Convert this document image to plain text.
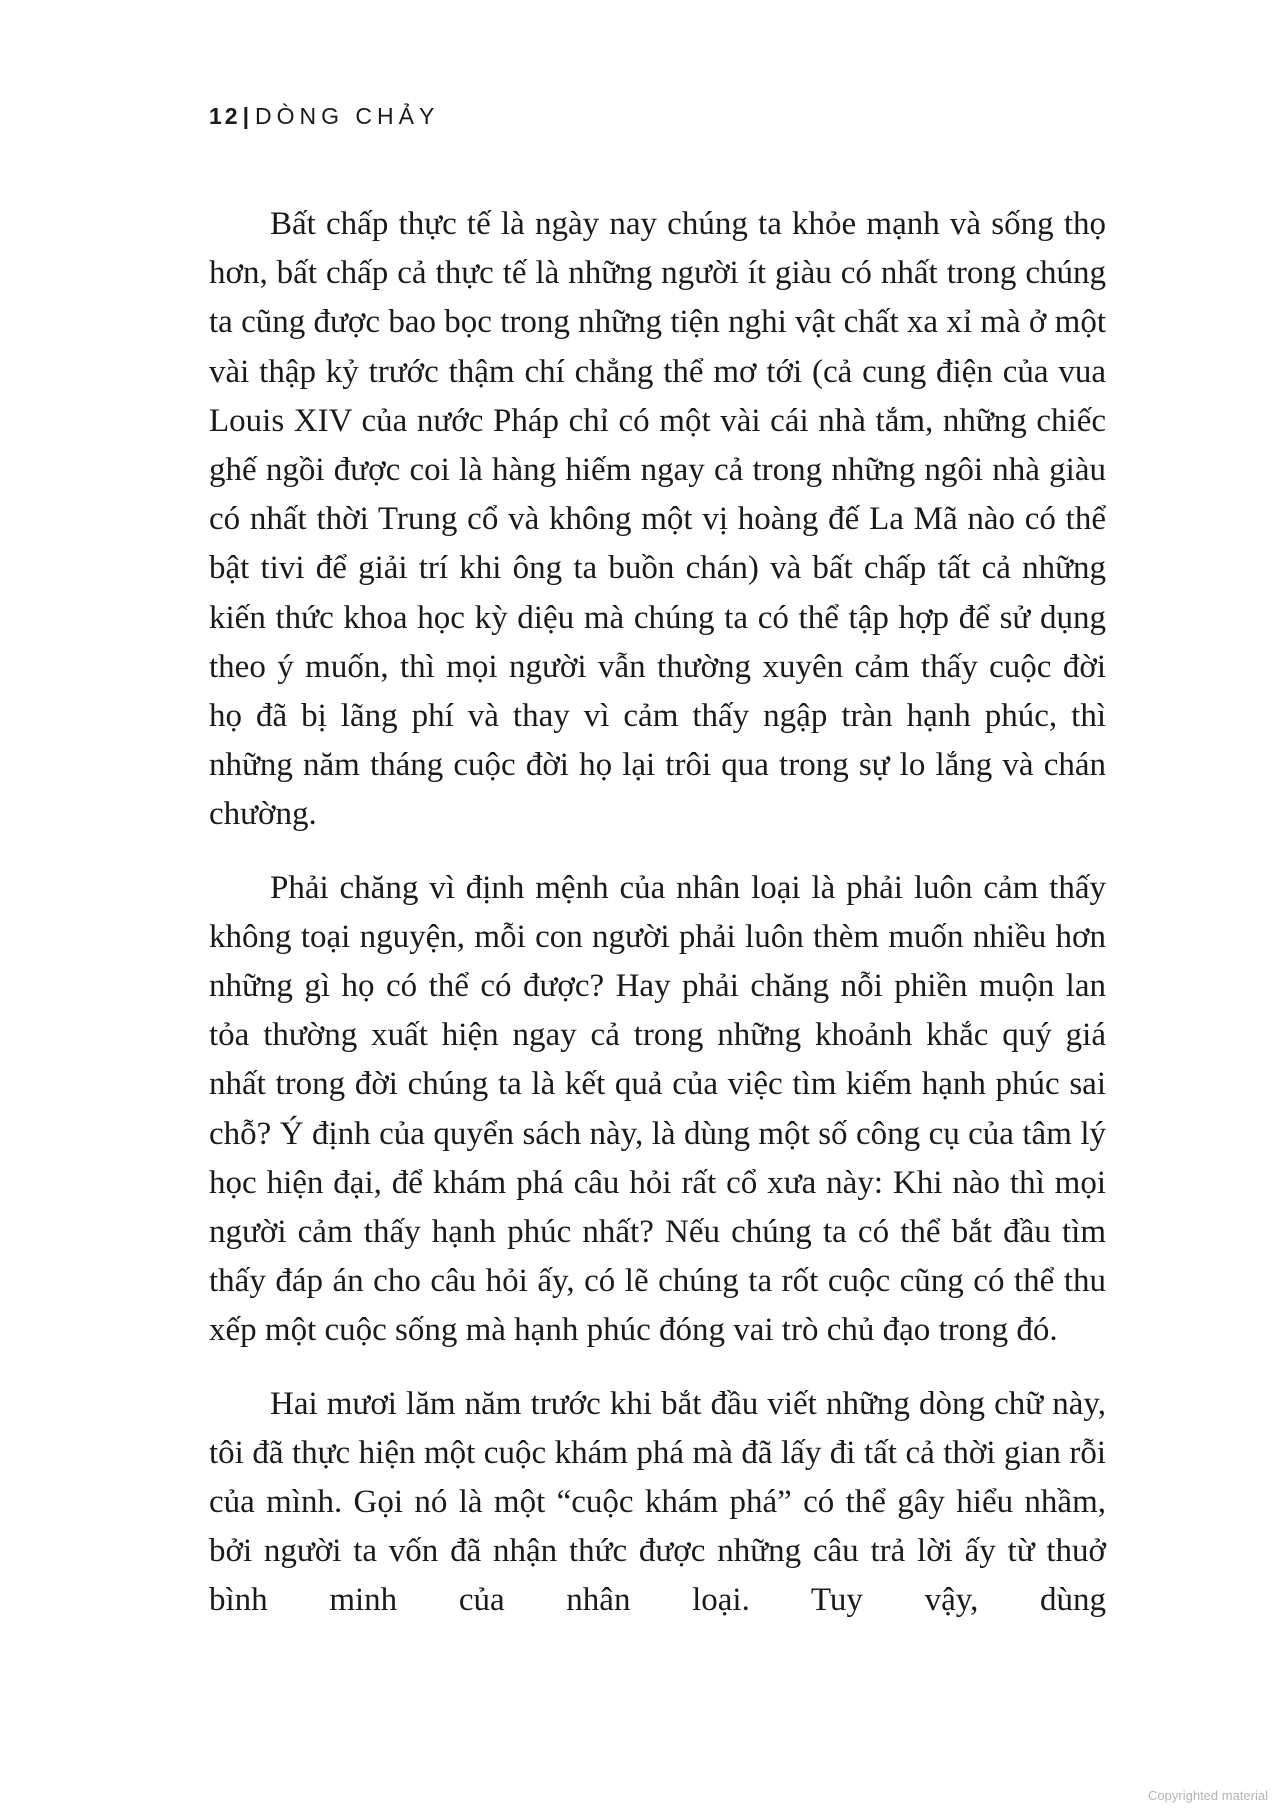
12| DÒNG CHẢY

Bất chấp thực tế là ngày nay chúng ta khỏe mạnh và sống thọ hơn, bất chấp cả thực tế là những người ít giàu có nhất trong chúng ta cũng được bao bọc trong những tiện nghi vật chất xa xỉ mà ở một vài thập kỷ trước thậm chí chẳng thể mơ tới (cả cung điện của vua Louis XIV của nước Pháp chỉ có một vài cái nhà tắm, những chiếc ghế ngồi được coi là hàng hiếm ngay cả trong những ngôi nhà giàu có nhất thời Trung cổ và không một vị hoàng đế La Mã nào có thể bật tivi để giải trí khi ông ta buồn chán) và bất chấp tất cả những kiến thức khoa học kỳ diệu mà chúng ta có thể tập hợp để sử dụng theo ý muốn, thì mọi người vẫn thường xuyên cảm thấy cuộc đời họ đã bị lãng phí và thay vì cảm thấy ngập tràn hạnh phúc, thì những năm tháng cuộc đời họ lại trôi qua trong sự lo lắng và chán chường.

Phải chăng vì định mệnh của nhân loại là phải luôn cảm thấy không toại nguyện, mỗi con người phải luôn thèm muốn nhiều hơn những gì họ có thể có được? Hay phải chăng nỗi phiền muộn lan tỏa thường xuất hiện ngay cả trong những khoảnh khắc quý giá nhất trong đời chúng ta là kết quả của việc tìm kiếm hạnh phúc sai chỗ? Ý định của quyển sách này, là dùng một số công cụ của tâm lý học hiện đại, để khám phá câu hỏi rất cổ xưa này: Khi nào thì mọi người cảm thấy hạnh phúc nhất? Nếu chúng ta có thể bắt đầu tìm thấy đáp án cho câu hỏi ấy, có lẽ chúng ta rốt cuộc cũng có thể thu xếp một cuộc sống mà hạnh phúc đóng vai trò chủ đạo trong đó.

Hai mươi lăm năm trước khi bắt đầu viết những dòng chữ này, tôi đã thực hiện một cuộc khám phá mà đã lấy đi tất cả thời gian rỗi của mình. Gọi nó là một “cuộc khám phá” có thể gây hiểu nhầm, bởi người ta vốn đã nhận thức được những câu trả lời ấy từ thuở bình minh của nhân loại. Tuy vậy, dùng

Copyrighted material
